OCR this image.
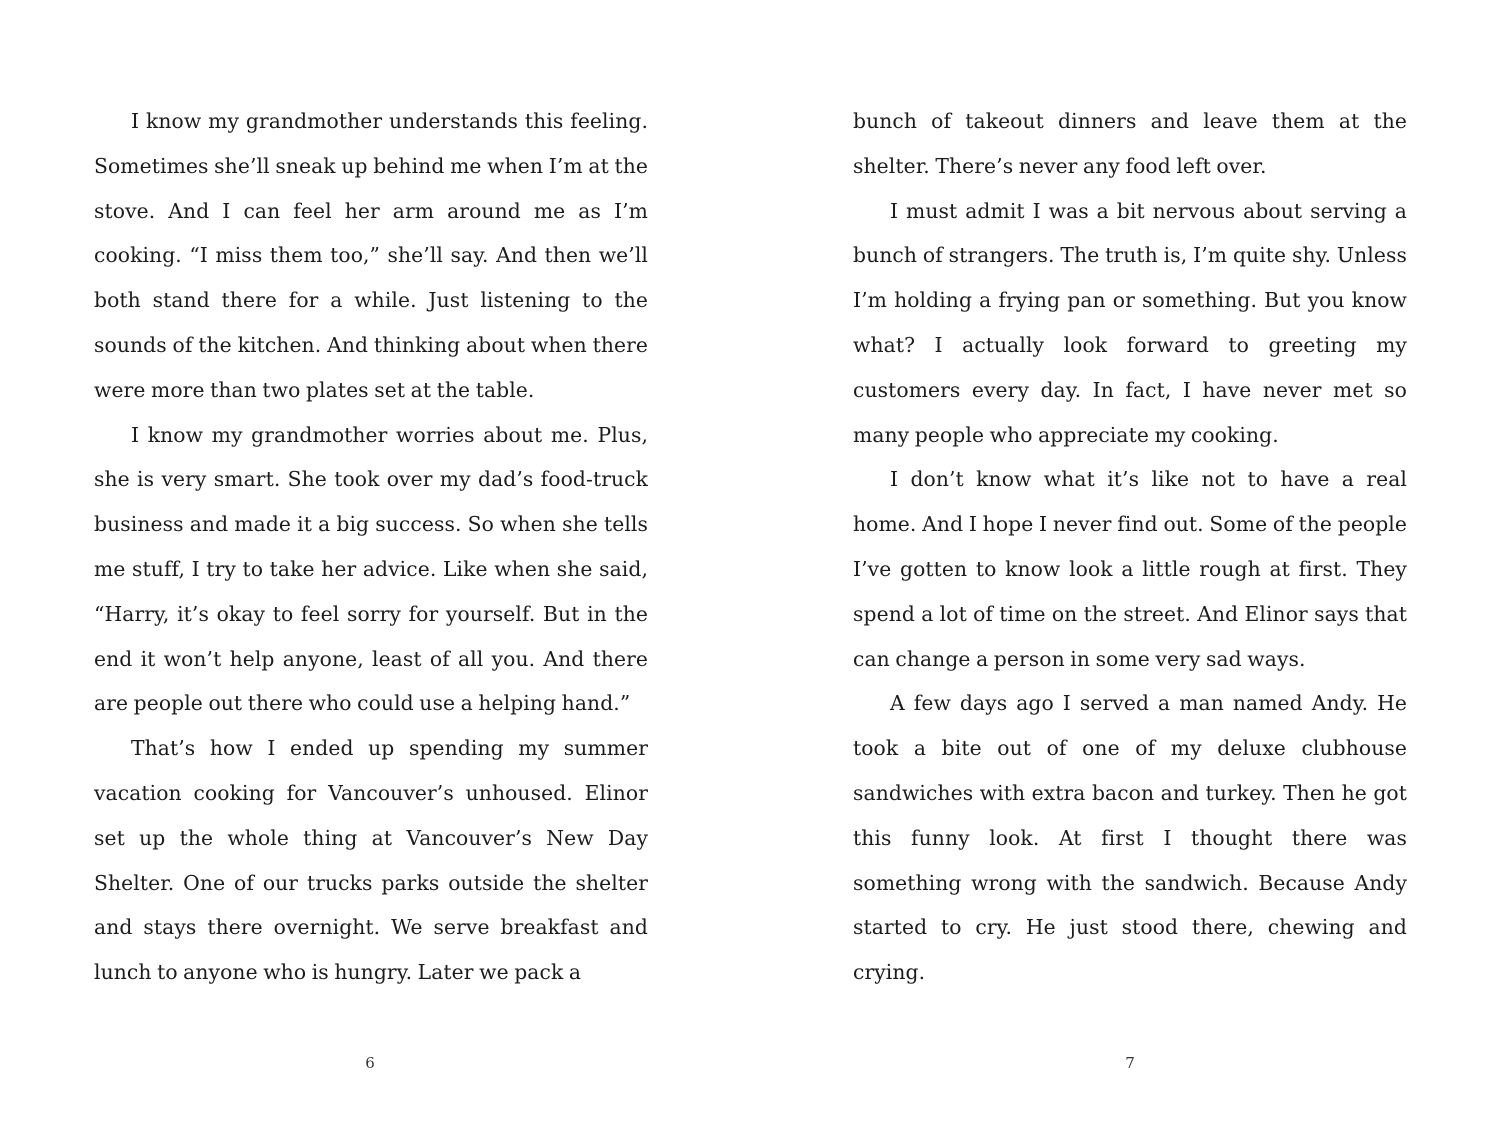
I know my grandmother understands this feeling. Sometimes she’ll sneak up behind me when I’m at the stove. And I can feel her arm around me as I’m cooking. “I miss them too,” she’ll say. And then we’ll both stand there for a while. Just listening to the sounds of the kitchen. And thinking about when there were more than two plates set at the table.

I know my grandmother worries about me. Plus, she is very smart. She took over my dad’s food-truck business and made it a big success. So when she tells me stuff, I try to take her advice. Like when she said, “Harry, it’s okay to feel sorry for yourself. But in the end it won’t help anyone, least of all you. And there are people out there who could use a helping hand.”

That’s how I ended up spending my summer vacation cooking for Vancouver’s unhoused. Elinor set up the whole thing at Vancouver’s New Day Shelter. One of our trucks parks outside the shelter and stays there overnight. We serve breakfast and lunch to anyone who is hungry. Later we pack a

6

bunch of takeout dinners and leave them at the shelter. There’s never any food left over.

I must admit I was a bit nervous about serving a bunch of strangers. The truth is, I’m quite shy. Unless I’m holding a frying pan or something. But you know what? I actually look forward to greeting my customers every day. In fact, I have never met so many people who appreciate my cooking.

I don’t know what it’s like not to have a real home. And I hope I never find out. Some of the people I’ve gotten to know look a little rough at first. They spend a lot of time on the street. And Elinor says that can change a person in some very sad ways.

A few days ago I served a man named Andy. He took a bite out of one of my deluxe clubhouse sandwiches with extra bacon and turkey. Then he got this funny look. At first I thought there was something wrong with the sandwich. Because Andy started to cry. He just stood there, chewing and crying.

7
